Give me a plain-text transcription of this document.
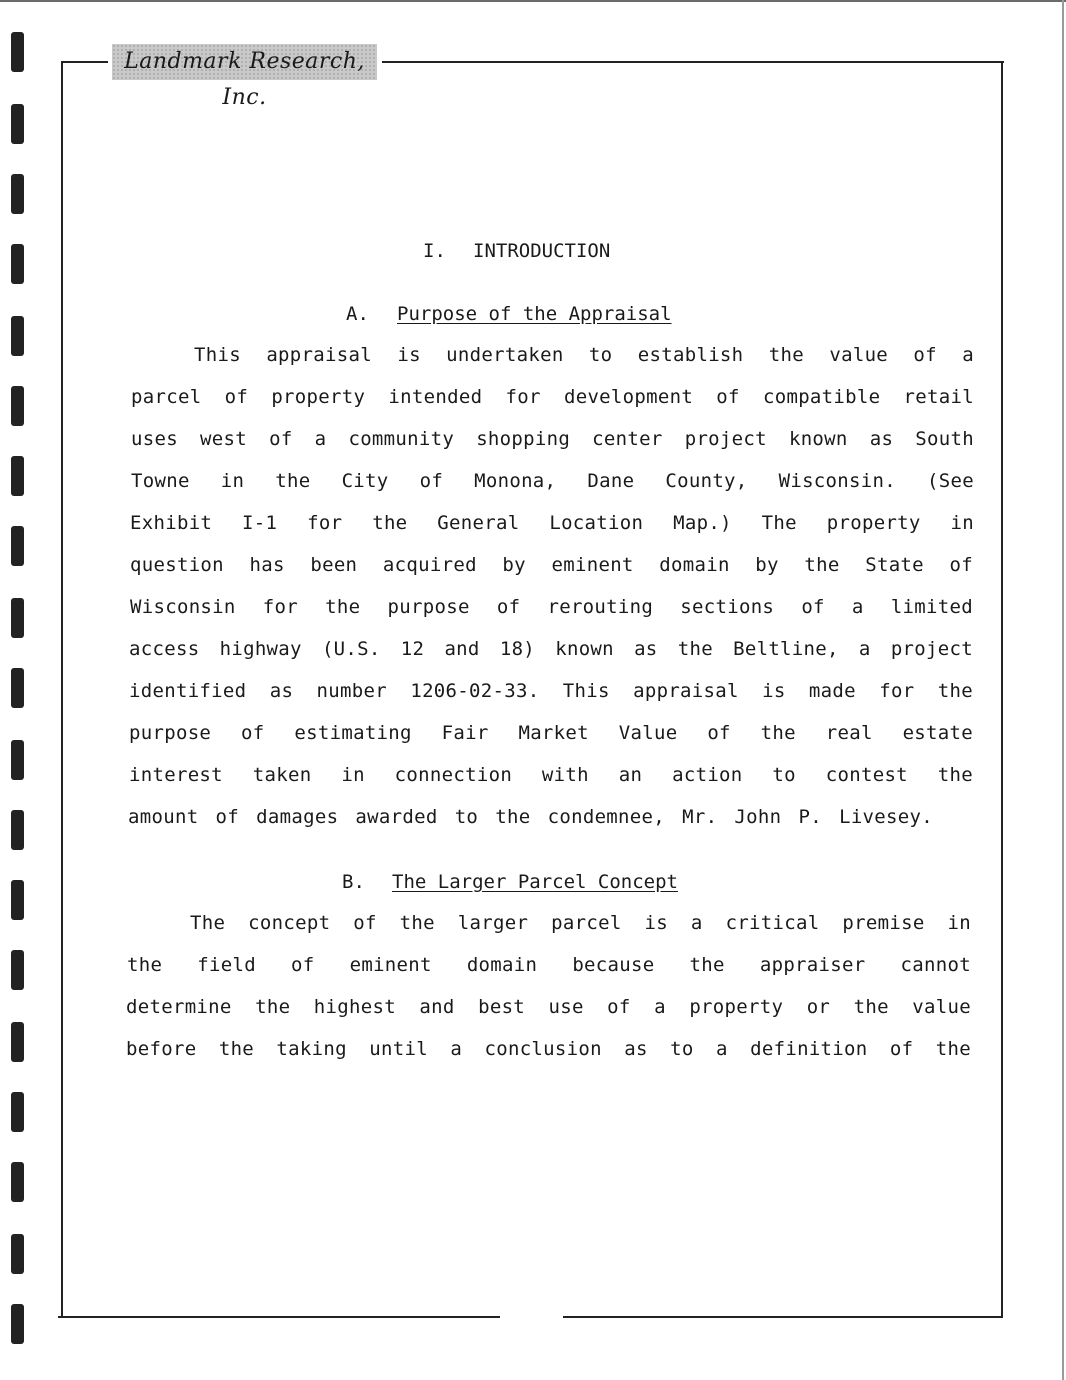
Landmark Research, Inc.
I. INTRODUCTION
A. Purpose of the Appraisal
This appraisal is undertaken to establish the value of a
parcel of property intended for development of compatible retail
uses west of a community shopping center project known as South
Towne in the City of Monona, Dane County, Wisconsin. (See
Exhibit I-1 for the General Location Map.) The property in
question has been acquired by eminent domain by the State of
Wisconsin for the purpose of rerouting sections of a limited
access highway (U.S. 12 and 18) known as the Beltline, a project
identified as number 1206-02-33. This appraisal is made for the
purpose of estimating Fair Market Value of the real estate
interest taken in connection with an action to contest the
amount of damages awarded to the condemnee, Mr. John P. Livesey.
B. The Larger Parcel Concept
The concept of the larger parcel is a critical premise in
the field of eminent domain because the appraiser cannot
determine the highest and best use of a property or the value
before the taking until a conclusion as to a definition of the
